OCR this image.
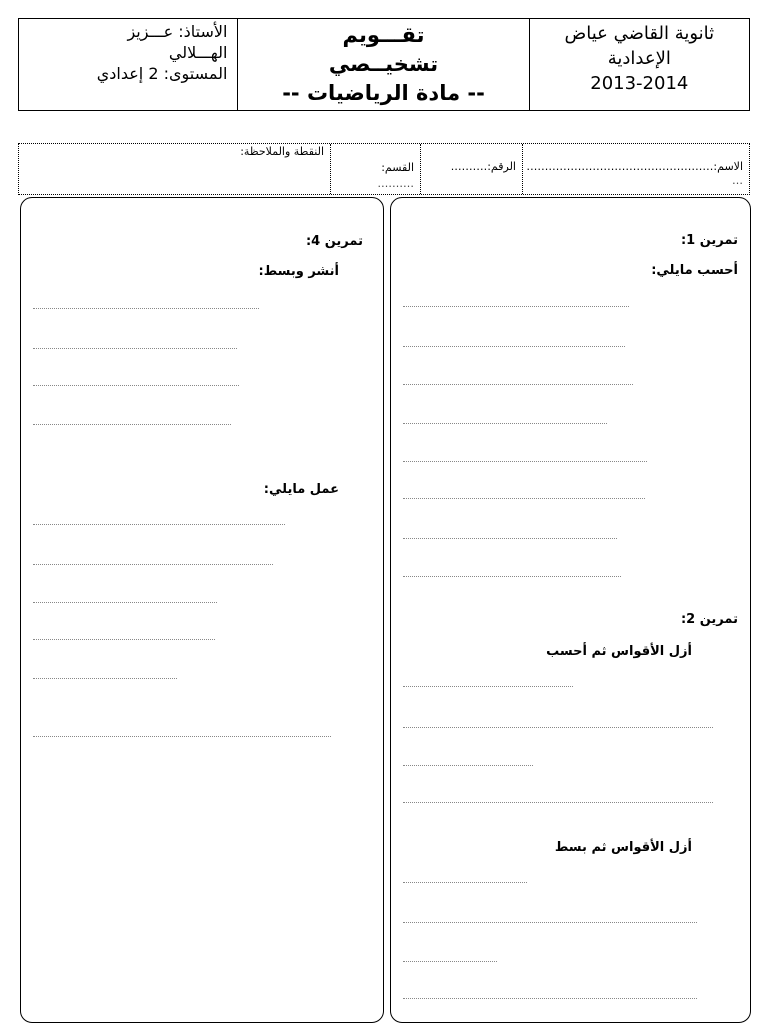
الأستاذ: عـــزيز
الهـــلالي
المستوى: 2 إعدادي
تقـــويم
تشخيــصي
-- مادة الرياضيات --
ثانوية القاضي عياض
الإعدادية
2013-2014
النقطة والملاحظة:
القسم:
……….
الرقم:………. الاسم:……………………………………………
…
تمرين 1:
أحسب مايلي:
تمرين 2:
أزل الأقواس ثم أحسب
أزل الأقواس ثم بسط
تمرين 4:
أنشر وبسط:
عمل مايلي:
